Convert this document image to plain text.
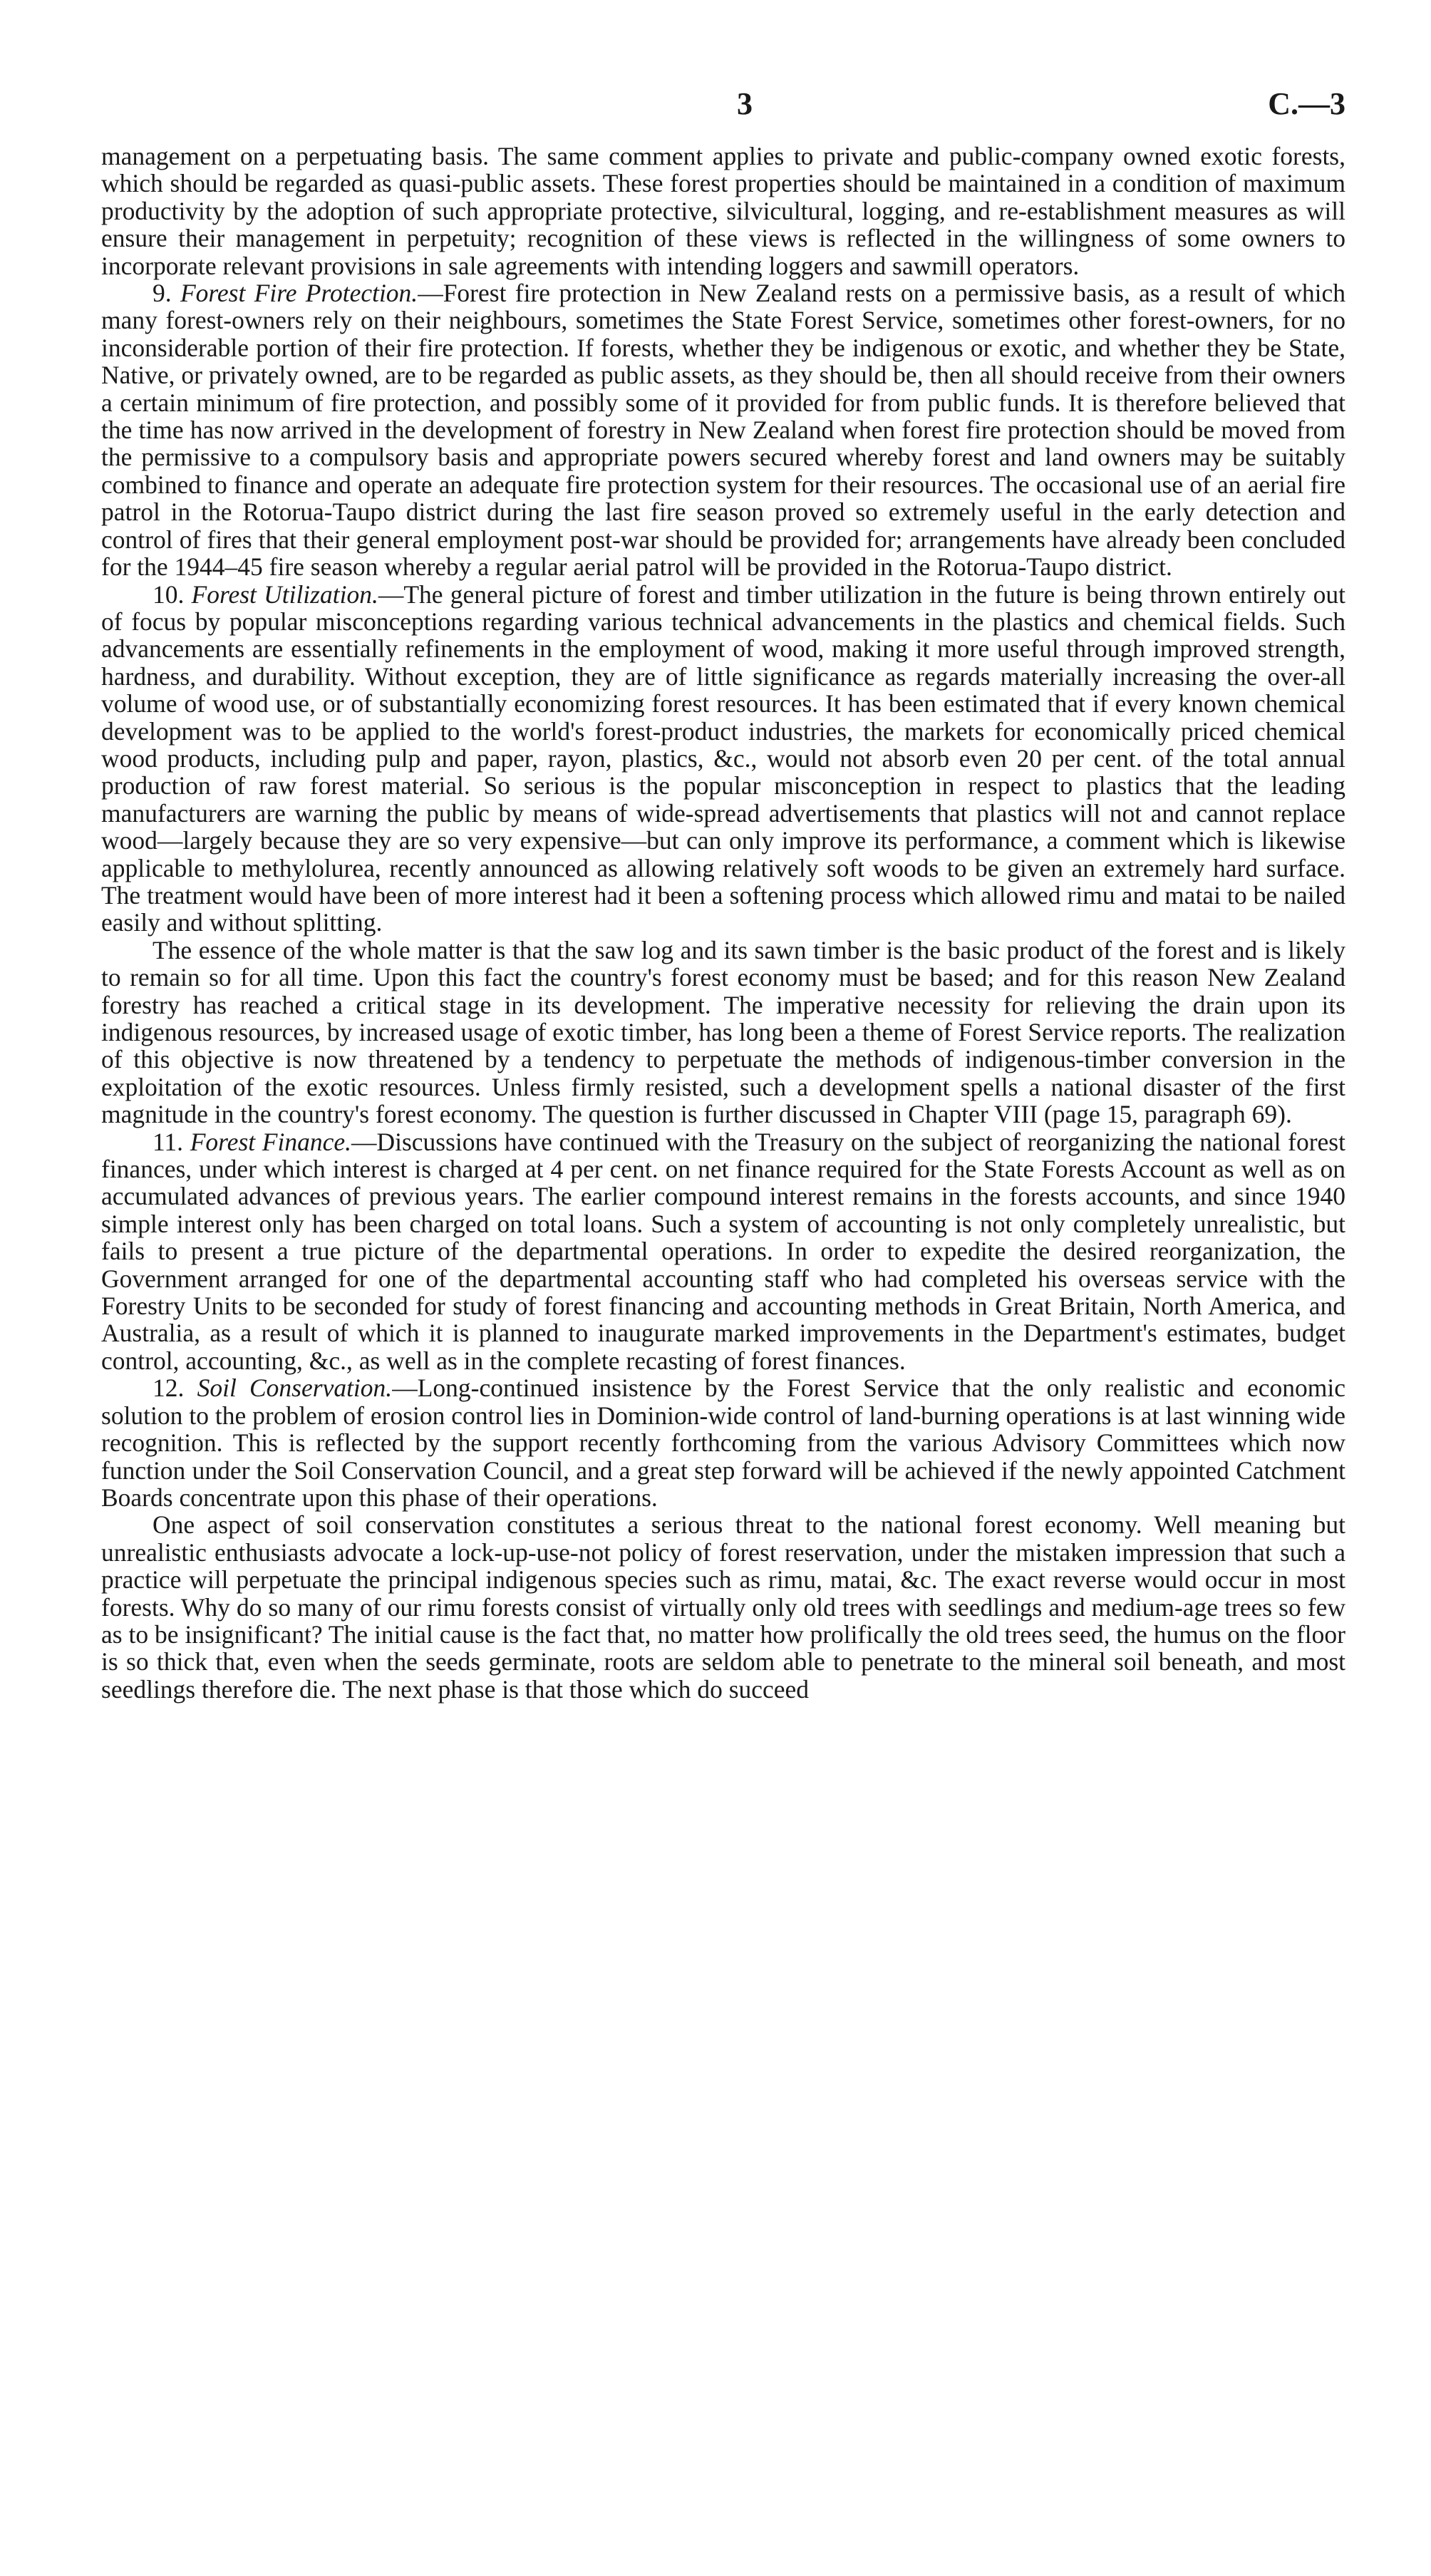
3	C.—3

management on a perpetuating basis. The same comment applies to private and public-company owned exotic forests, which should be regarded as quasi-public assets. These forest properties should be maintained in a condition of maximum productivity by the adoption of such appropriate protective, silvicultural, logging, and re-establishment measures as will ensure their management in perpetuity; recognition of these views is reflected in the willingness of some owners to incorporate relevant provisions in sale agreements with intending loggers and sawmill operators.

9. Forest Fire Protection.—Forest fire protection in New Zealand rests on a permissive basis, as a result of which many forest-owners rely on their neighbours, sometimes the State Forest Service, sometimes other forest-owners, for no inconsiderable portion of their fire protection. If forests, whether they be indigenous or exotic, and whether they be State, Native, or privately owned, are to be regarded as public assets, as they should be, then all should receive from their owners a certain minimum of fire protection, and possibly some of it provided for from public funds. It is therefore believed that the time has now arrived in the development of forestry in New Zealand when forest fire protection should be moved from the permissive to a compulsory basis and appropriate powers secured whereby forest and land owners may be suitably combined to finance and operate an adequate fire protection system for their resources. The occasional use of an aerial fire patrol in the Rotorua-Taupo district during the last fire season proved so extremely useful in the early detection and control of fires that their general employment post-war should be provided for; arrangements have already been concluded for the 1944–45 fire season whereby a regular aerial patrol will be provided in the Rotorua-Taupo district.

10. Forest Utilization.—The general picture of forest and timber utilization in the future is being thrown entirely out of focus by popular misconceptions regarding various technical advancements in the plastics and chemical fields. Such advancements are essentially refinements in the employment of wood, making it more useful through improved strength, hardness, and durability. Without exception, they are of little significance as regards materially increasing the over-all volume of wood use, or of substantially economizing forest resources. It has been estimated that if every known chemical development was to be applied to the world's forest-product industries, the markets for economically priced chemical wood products, including pulp and paper, rayon, plastics, &c., would not absorb even 20 per cent. of the total annual production of raw forest material. So serious is the popular misconception in respect to plastics that the leading manufacturers are warning the public by means of wide-spread advertisements that plastics will not and cannot replace wood—largely because they are so very expensive—but can only improve its performance, a comment which is likewise applicable to methylolurea, recently announced as allowing relatively soft woods to be given an extremely hard surface. The treatment would have been of more interest had it been a softening process which allowed rimu and matai to be nailed easily and without splitting.

The essence of the whole matter is that the saw log and its sawn timber is the basic product of the forest and is likely to remain so for all time. Upon this fact the country's forest economy must be based; and for this reason New Zealand forestry has reached a critical stage in its development. The imperative necessity for relieving the drain upon its indigenous resources, by increased usage of exotic timber, has long been a theme of Forest Service reports. The realization of this objective is now threatened by a tendency to perpetuate the methods of indigenous-timber conversion in the exploitation of the exotic resources. Unless firmly resisted, such a development spells a national disaster of the first magnitude in the country's forest economy. The question is further discussed in Chapter VIII (page 15, paragraph 69).

11. Forest Finance.—Discussions have continued with the Treasury on the subject of reorganizing the national forest finances, under which interest is charged at 4 per cent. on net finance required for the State Forests Account as well as on accumulated advances of previous years. The earlier compound interest remains in the forests accounts, and since 1940 simple interest only has been charged on total loans. Such a system of accounting is not only completely unrealistic, but fails to present a true picture of the departmental operations. In order to expedite the desired reorganization, the Government arranged for one of the departmental accounting staff who had completed his overseas service with the Forestry Units to be seconded for study of forest financing and accounting methods in Great Britain, North America, and Australia, as a result of which it is planned to inaugurate marked improvements in the Department's estimates, budget control, accounting, &c., as well as in the complete recasting of forest finances.

12. Soil Conservation.—Long-continued insistence by the Forest Service that the only realistic and economic solution to the problem of erosion control lies in Dominion-wide control of land-burning operations is at last winning wide recognition. This is reflected by the support recently forthcoming from the various Advisory Committees which now function under the Soil Conservation Council, and a great step forward will be achieved if the newly appointed Catchment Boards concentrate upon this phase of their operations.

One aspect of soil conservation constitutes a serious threat to the national forest economy. Well meaning but unrealistic enthusiasts advocate a lock-up-use-not policy of forest reservation, under the mistaken impression that such a practice will perpetuate the principal indigenous species such as rimu, matai, &c. The exact reverse would occur in most forests. Why do so many of our rimu forests consist of virtually only old trees with seedlings and medium-age trees so few as to be insignificant? The initial cause is the fact that, no matter how prolifically the old trees seed, the humus on the floor is so thick that, even when the seeds germinate, roots are seldom able to penetrate to the mineral soil beneath, and most seedlings therefore die. The next phase is that those which do succeed
